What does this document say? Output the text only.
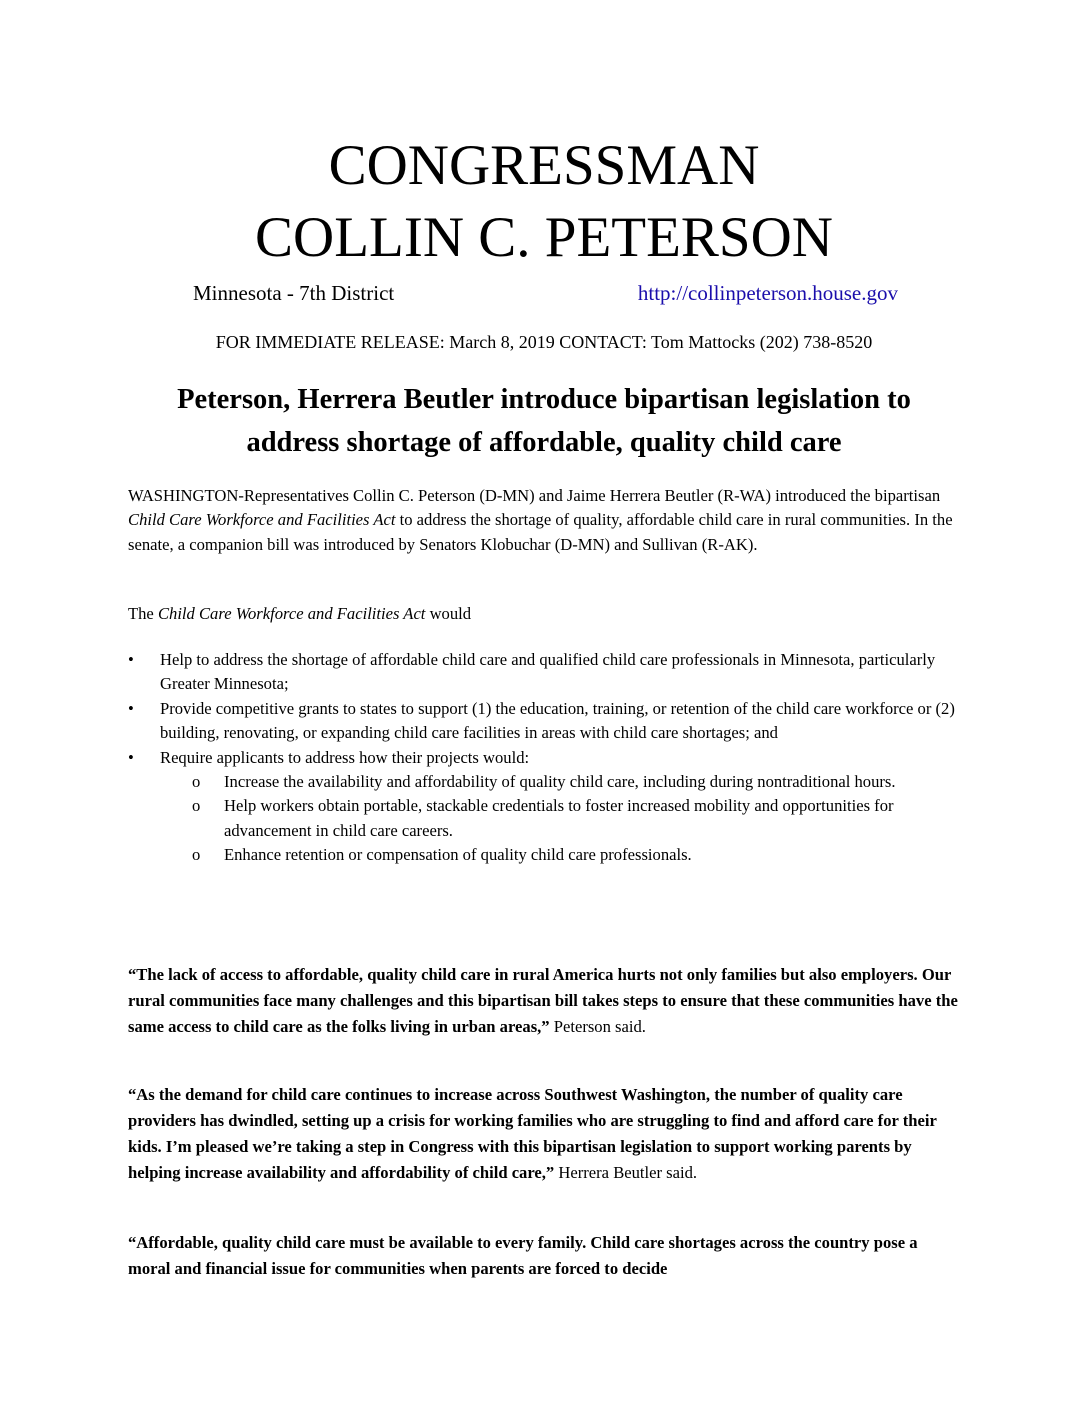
CONGRESSMAN
COLLIN C. PETERSON
Minnesota - 7th District
	http://collinpeterson.house.gov
FOR IMMEDIATE RELEASE: March 8, 2019 CONTACT: Tom Mattocks (202) 738-8520
Peterson, Herrera Beutler introduce bipartisan legislation to
address shortage of affordable, quality child care
WASHINGTON-Representatives Collin C. Peterson (D-MN) and Jaime Herrera Beutler (R-WA) introduced the bipartisan Child Care Workforce and Facilities Act to address the shortage of quality, affordable child care in rural communities. In the senate, a companion bill was introduced by Senators Klobuchar (D-MN) and Sullivan (R-AK).
The Child Care Workforce and Facilities Act would
• Help to address the shortage of affordable child care and qualified child care professionals in Minnesota, particularly Greater Minnesota;
• Provide competitive grants to states to support (1) the education, training, or retention of the child care workforce or (2) building, renovating, or expanding child care facilities in areas with child care shortages; and
• Require applicants to address how their projects would:
o Increase the availability and affordability of quality child care, including during nontraditional hours.
o Help workers obtain portable, stackable credentials to foster increased mobility and opportunities for advancement in child care careers.
o Enhance retention or compensation of quality child care professionals.
“The lack of access to affordable, quality child care in rural America hurts not only families but also employers. Our rural communities face many challenges and this bipartisan bill takes steps to ensure that these communities have the same access to child care as the folks living in urban areas,” Peterson said.
“As the demand for child care continues to increase across Southwest Washington, the number of quality care providers has dwindled, setting up a crisis for working families who are struggling to find and afford care for their kids. I’m pleased we’re taking a step in Congress with this bipartisan legislation to support working parents by helping increase availability and affordability of child care,” Herrera Beutler said.
“Affordable, quality child care must be available to every family. Child care shortages across the country pose a moral and financial issue for communities when parents are forced to decide
